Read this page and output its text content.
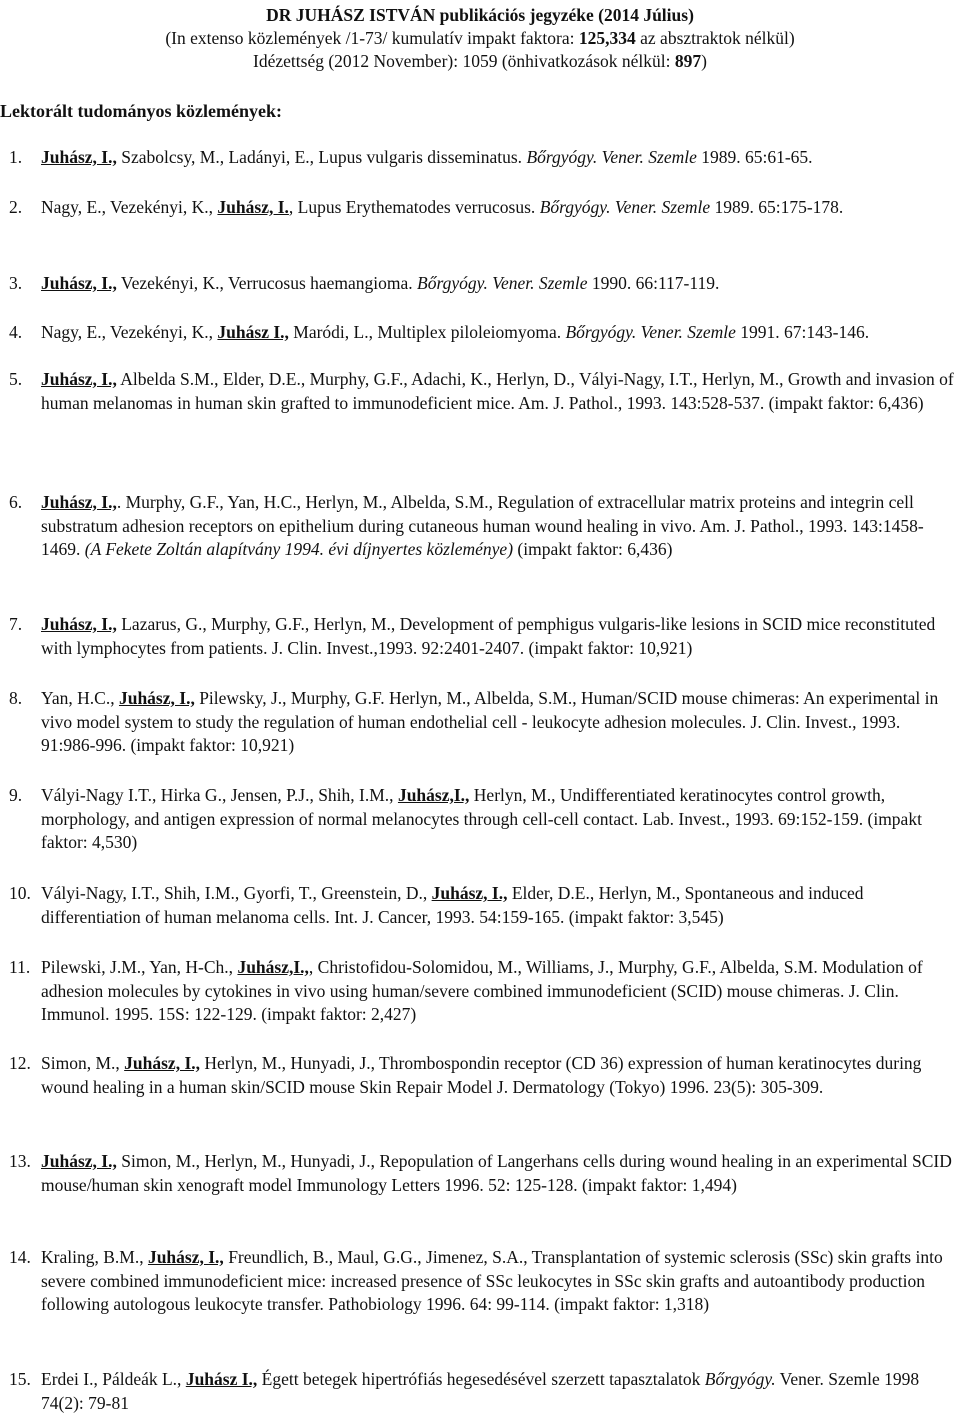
DR JUHÁSZ ISTVÁN publikációs jegyzéke (2014 Július)
(In extenso közlemények /1-73/ kumulatív impakt faktora: 125,334 az absztraktok nélkül)
Idézettség (2012 November): 1059 (önhivatkozások nélkül: 897)
Lektorált tudományos közlemények:
1. Juhász, I., Szabolcsy, M., Ladányi, E., Lupus vulgaris disseminatus. Bőrgyógy. Vener. Szemle 1989. 65:61-65.
2. Nagy, E., Vezekényi, K., Juhász, I., Lupus Erythematodes verrucosus. Bőrgyógy. Vener. Szemle 1989. 65:175-178.
3. Juhász, I., Vezekényi, K., Verrucosus haemangioma. Bőrgyógy. Vener. Szemle 1990. 66:117-119.
4. Nagy, E., Vezekényi, K., Juhász I., Maródi, L., Multiplex piloleiomyoma. Bőrgyógy. Vener. Szemle 1991. 67:143-146.
5. Juhász, I., Albelda S.M., Elder, D.E., Murphy, G.F., Adachi, K., Herlyn, D., Vályi-Nagy, I.T., Herlyn, M., Growth and invasion of human melanomas in human skin grafted to immunodeficient mice. Am. J. Pathol., 1993. 143:528-537. (impakt faktor: 6,436)
6. Juhász, I.,. Murphy, G.F., Yan, H.C., Herlyn, M., Albelda, S.M., Regulation of extracellular matrix proteins and integrin cell substratum adhesion receptors on epithelium during cutaneous human wound healing in vivo. Am. J. Pathol., 1993. 143:1458-1469. (A Fekete Zoltán alapítvány 1994. évi díjnyertes közleménye) (impakt faktor: 6,436)
7. Juhász, I., Lazarus, G., Murphy, G.F., Herlyn, M., Development of pemphigus vulgaris-like lesions in SCID mice reconstituted with lymphocytes from patients. J. Clin. Invest.,1993. 92:2401-2407. (impakt faktor: 10,921)
8. Yan, H.C., Juhász, I., Pilewsky, J., Murphy, G.F. Herlyn, M., Albelda, S.M., Human/SCID mouse chimeras: An experimental in vivo model system to study the regulation of human endothelial cell - leukocyte adhesion molecules. J. Clin. Invest., 1993. 91:986-996. (impakt faktor: 10,921)
9. Vályi-Nagy I.T., Hirka G., Jensen, P.J., Shih, I.M., Juhász,I., Herlyn, M., Undifferentiated keratinocytes control growth, morphology, and antigen expression of normal melanocytes through cell-cell contact. Lab. Invest., 1993. 69:152-159. (impakt faktor: 4,530)
10. Vályi-Nagy, I.T., Shih, I.M., Gyorfi, T., Greenstein, D., Juhász, I., Elder, D.E., Herlyn, M., Spontaneous and induced differentiation of human melanoma cells. Int. J. Cancer, 1993. 54:159-165. (impakt faktor: 3,545)
11. Pilewski, J.M., Yan, H-Ch., Juhász,I.,, Christofidou-Solomidou, M., Williams, J., Murphy, G.F., Albelda, S.M. Modulation of adhesion molecules by cytokines in vivo using human/severe combined immunodeficient (SCID) mouse chimeras. J. Clin. Immunol. 1995. 15S: 122-129. (impakt faktor: 2,427)
12. Simon, M., Juhász, I., Herlyn, M., Hunyadi, J., Thrombospondin receptor (CD 36) expression of human keratinocytes during wound healing in a human skin/SCID mouse Skin Repair Model J. Dermatology (Tokyo) 1996. 23(5): 305-309.
13. Juhász, I., Simon, M., Herlyn, M., Hunyadi, J., Repopulation of Langerhans cells during wound healing in an experimental SCID mouse/human skin xenograft model Immunology Letters 1996. 52: 125-128. (impakt faktor: 1,494)
14. Kraling, B.M., Juhász, I., Freundlich, B., Maul, G.G., Jimenez, S.A., Transplantation of systemic sclerosis (SSc) skin grafts into severe combined immunodeficient mice: increased presence of SSc leukocytes in SSc skin grafts and autoantibody production following autologous leukocyte transfer. Pathobiology 1996. 64: 99-114. (impakt faktor: 1,318)
15. Erdei I., Páldeák L., Juhász I., Égett betegek hipertrófiás hegesedésével szerzett tapasztalatok Bőrgyógy. Vener. Szemle 1998 74(2): 79-81
